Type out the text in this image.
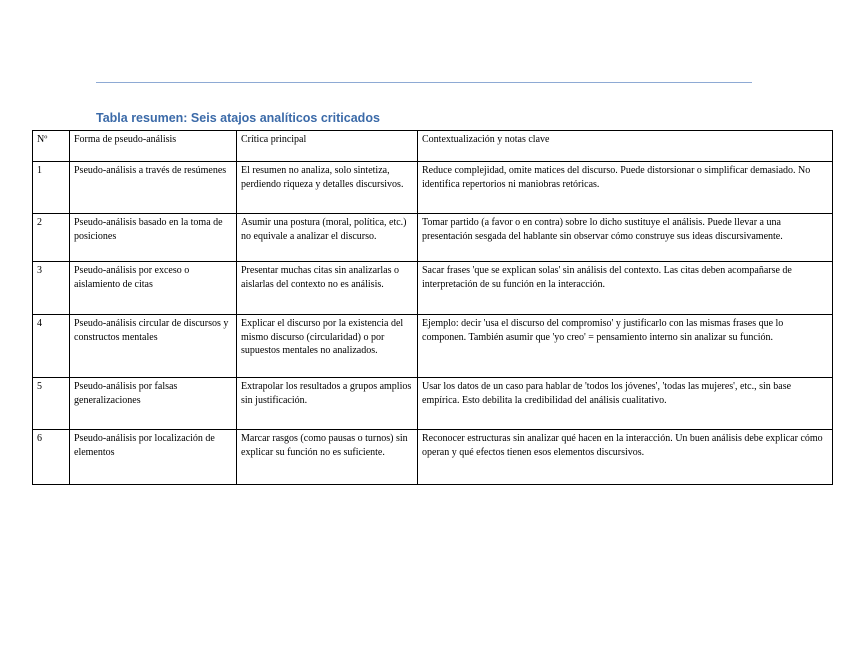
Tabla resumen: Seis atajos analíticos criticados
Nº	Forma de pseudo-análisis	Crítica principal	Contextualización y notas clave
1	Pseudo-análisis a través de resúmenes	El resumen no analiza, solo sintetiza, perdiendo riqueza y detalles discursivos.	Reduce complejidad, omite matices del discurso. Puede distorsionar o simplificar demasiado. No identifica repertorios ni maniobras retóricas.
2	Pseudo-análisis basado en la toma de posiciones	Asumir una postura (moral, política, etc.) no equivale a analizar el discurso.	Tomar partido (a favor o en contra) sobre lo dicho sustituye el análisis. Puede llevar a una presentación sesgada del hablante sin observar cómo construye sus ideas discursivamente.
3	Pseudo-análisis por exceso o aislamiento de citas	Presentar muchas citas sin analizarlas o aislarlas del contexto no es análisis.	Sacar frases 'que se explican solas' sin análisis del contexto. Las citas deben acompañarse de interpretación de su función en la interacción.
4	Pseudo-análisis circular de discursos y constructos mentales	Explicar el discurso por la existencia del mismo discurso (circularidad) o por supuestos mentales no analizados.	Ejemplo: decir 'usa el discurso del compromiso' y justificarlo con las mismas frases que lo componen. También asumir que 'yo creo' = pensamiento interno sin analizar su función.
5	Pseudo-análisis por falsas generalizaciones	Extrapolar los resultados a grupos amplios sin justificación.	Usar los datos de un caso para hablar de 'todos los jóvenes', 'todas las mujeres', etc., sin base empírica. Esto debilita la credibilidad del análisis cualitativo.
6	Pseudo-análisis por localización de elementos	Marcar rasgos (como pausas o turnos) sin explicar su función no es suficiente.	Reconocer estructuras sin analizar qué hacen en la interacción. Un buen análisis debe explicar cómo operan y qué efectos tienen esos elementos discursivos.
